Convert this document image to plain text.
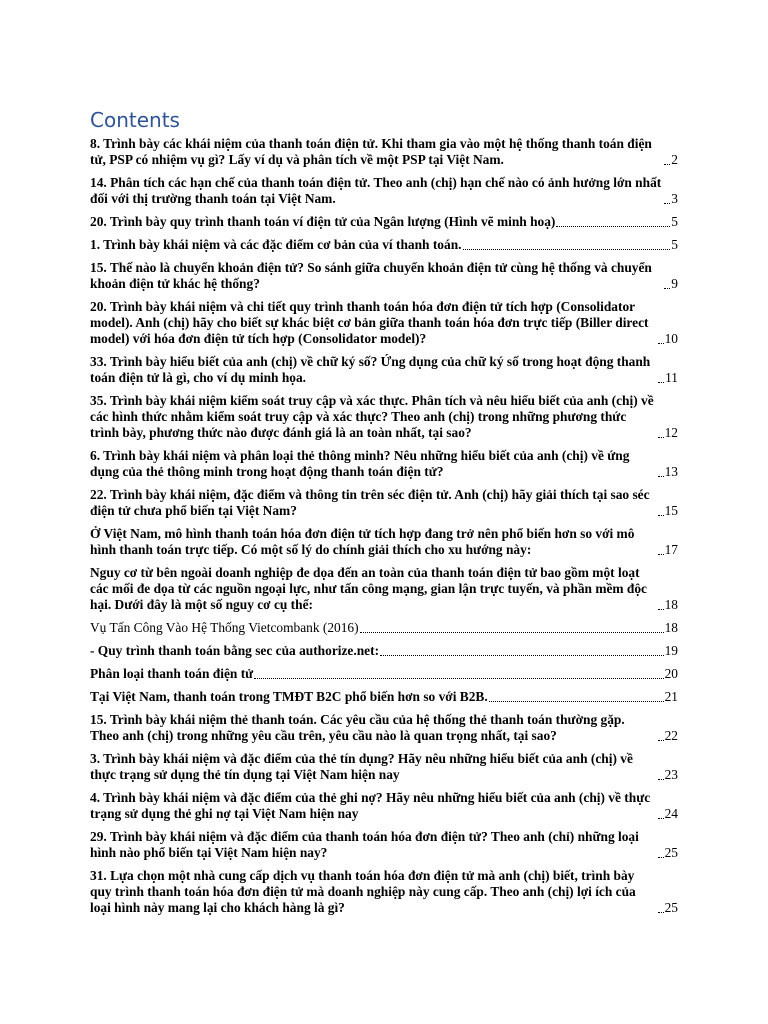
Contents
8. Trình bày các khái niệm của thanh toán điện tử. Khi tham gia vào một hệ thống thanh toán điện tử, PSP có nhiệm vụ gì? Lấy ví dụ và phân tích về một PSP tại Việt Nam.	2
14. Phân tích các hạn chế của thanh toán điện tử. Theo anh (chị) hạn chế nào có ảnh hưởng lớn nhất đối với thị trường thanh toán tại Việt Nam.	3
20. Trình bày quy trình thanh toán ví điện tử của Ngân lượng (Hình vẽ minh hoạ)	5
1. Trình bày khái niệm và các đặc điểm cơ bản của ví thanh toán.	5
15. Thế nào là chuyển khoản điện tử? So sánh giữa chuyển khoản điện tử cùng hệ thống và chuyển khoản điện tử khác hệ thống?	9
20. Trình bày khái niệm và chi tiết quy trình thanh toán hóa đơn điện tử tích hợp (Consolidator model). Anh (chị) hãy cho biết sự khác biệt cơ bản giữa thanh toán hóa đơn trực tiếp (Biller direct model) với hóa đơn điện tử tích hợp (Consolidator model)?	10
33. Trình bày hiểu biết của anh (chị) về chữ ký số? Ứng dụng của chữ ký số trong hoạt động thanh toán điện tử là gì, cho ví dụ minh họa.	11
35. Trình bày khái niệm kiểm soát truy cập và xác thực. Phân tích và nêu hiểu biết của anh (chị) về các hình thức nhằm kiểm soát truy cập và xác thực? Theo anh (chị) trong những phương thức trình bày, phương thức nào được đánh giá là an toàn nhất, tại sao?	12
6. Trình bày khái niệm và phân loại thẻ thông minh? Nêu những hiểu biết của anh (chị) về ứng dụng của thẻ thông minh trong hoạt động thanh toán điện tử?	13
22. Trình bày khái niệm, đặc điểm và thông tin trên séc điện tử. Anh (chị) hãy giải thích tại sao séc điện tử chưa phổ biến tại Việt Nam?	15
Ở Việt Nam, mô hình thanh toán hóa đơn điện tử tích hợp đang trở nên phổ biến hơn so với mô hình thanh toán trực tiếp. Có một số lý do chính giải thích cho xu hướng này:	17
Nguy cơ từ bên ngoài doanh nghiệp đe dọa đến an toàn của thanh toán điện tử bao gồm một loạt các mối đe dọa từ các nguồn ngoại lực, như tấn công mạng, gian lận trực tuyến, và phần mềm độc hại. Dưới đây là một số nguy cơ cụ thể:	18
Vụ Tấn Công Vào Hệ Thống Vietcombank (2016)	18
- Quy trình thanh toán bằng sec của authorize.net:	19
Phân loại thanh toán điện tử	20
Tại Việt Nam, thanh toán trong TMĐT B2C phổ biến hơn so với B2B.	21
15. Trình bày khái niệm thẻ thanh toán. Các yêu cầu của hệ thống thẻ thanh toán thường gặp. Theo anh (chị) trong những yêu cầu trên, yêu cầu nào là quan trọng nhất, tại sao?	22
3. Trình bày khái niệm và đặc điểm của thẻ tín dụng? Hãy nêu những hiểu biết của anh (chị) về thực trạng sử dụng thẻ tín dụng tại Việt Nam hiện nay	23
4. Trình bày khái niệm và đặc điểm của thẻ ghi nợ? Hãy nêu những hiểu biết của anh (chị) về thực trạng sử dụng thẻ ghi nợ tại Việt Nam hiện nay	24
29. Trình bày khái niệm và đặc điểm của thanh toán hóa đơn điện tử? Theo anh (chỉ) những loại hình nào phổ biến tại Việt Nam hiện nay?	25
31. Lựa chọn một nhà cung cấp dịch vụ thanh toán hóa đơn điện tử mà anh (chị) biết, trình bày quy trình thanh toán hóa đơn điện tử mà doanh nghiệp này cung cấp. Theo anh (chị) lợi ích của loại hình này mang lại cho khách hàng là gì?	25
